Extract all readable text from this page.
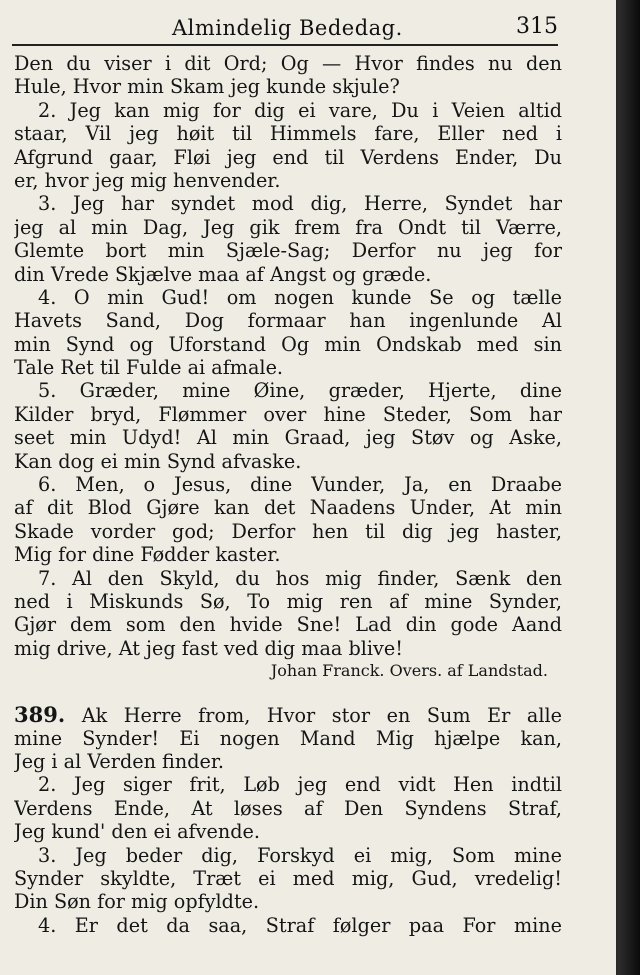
Almindelig Bededag.	315
Den du viser i dit Ord; Og — Hvor findes nu den
Hule, Hvor min Skam jeg kunde skjule?
2. Jeg kan mig for dig ei vare, Du i Veien altid
staar, Vil jeg høit til Himmels fare, Eller ned i
Afgrund gaar, Fløi jeg end til Verdens Ender, Du
er, hvor jeg mig henvender.
3. Jeg har syndet mod dig, Herre, Syndet har
jeg al min Dag, Jeg gik frem fra Ondt til Værre,
Glemte bort min Sjæle-Sag; Derfor nu jeg for
din Vrede Skjælve maa af Angst og græde.
4. O min Gud! om nogen kunde Se og tælle
Havets Sand, Dog formaar han ingenlunde Al
min Synd og Uforstand Og min Ondskab med sin
Tale Ret til Fulde ai afmale.
5. Græder, mine Øine, græder, Hjerte, dine
Kilder bryd, Flømmer over hine Steder, Som har
seet min Udyd! Al min Graad, jeg Støv og Aske,
Kan dog ei min Synd afvaske.
6. Men, o Jesus, dine Vunder, Ja, en Draabe
af dit Blod Gjøre kan det Naadens Under, At min
Skade vorder god; Derfor hen til dig jeg haster,
Mig for dine Fødder kaster.
7. Al den Skyld, du hos mig finder, Sænk den
ned i Miskunds Sø, To mig ren af mine Synder,
Gjør dem som den hvide Sne! Lad din gode Aand
mig drive, At jeg fast ved dig maa blive!
Johan Franck. Overs. af Landstad.
389. Ak Herre from, Hvor stor en Sum Er alle
mine Synder! Ei nogen Mand Mig hjælpe kan,
Jeg i al Verden finder.
2. Jeg siger frit, Løb jeg end vidt Hen indtil
Verdens Ende, At løses af Den Syndens Straf,
Jeg kund' den ei afvende.
3. Jeg beder dig, Forskyd ei mig, Som mine
Synder skyldte, Træt ei med mig, Gud, vredelig!
Din Søn for mig opfyldte.
4. Er det da saa, Straf følger paa For mine
